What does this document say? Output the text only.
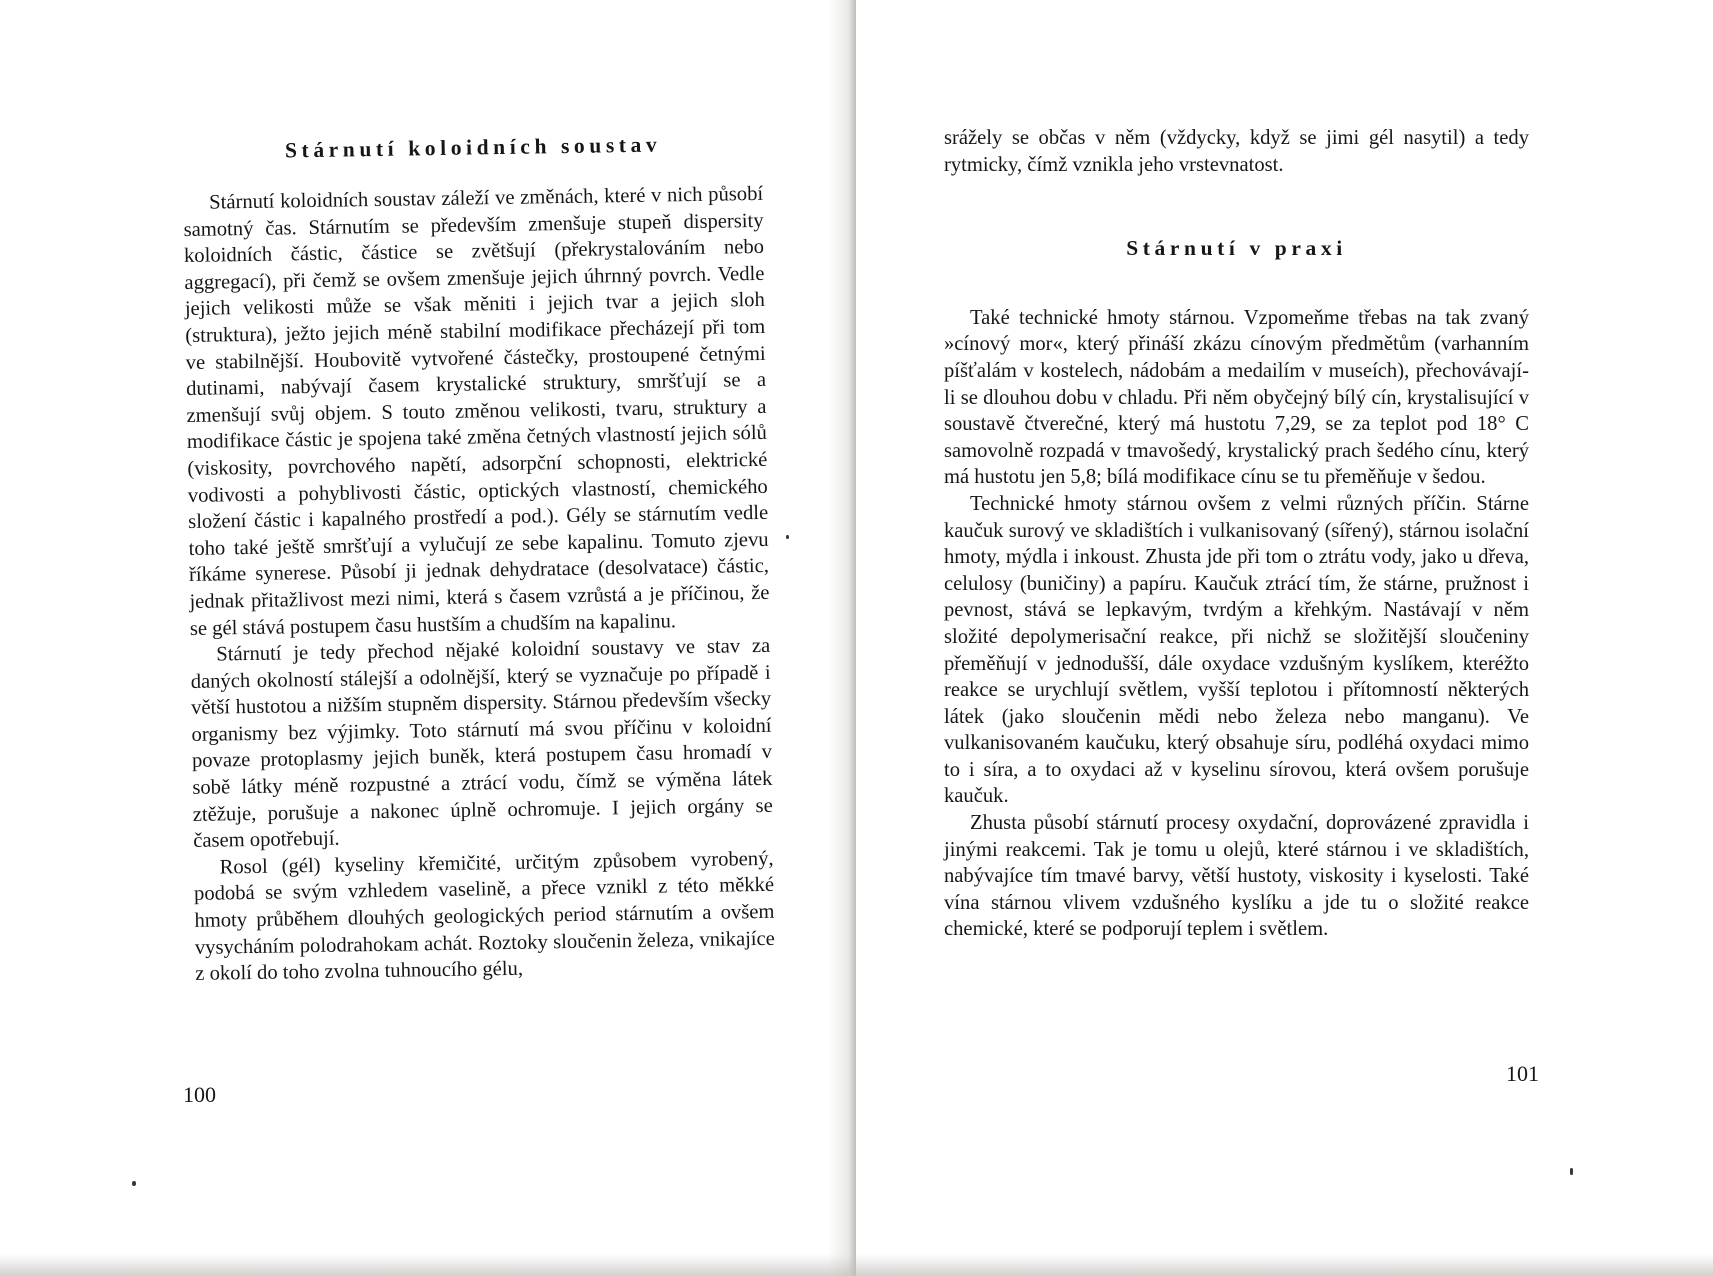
Stárnutí koloidních soustav

Stárnutí koloidních soustav záleží ve změnách, které v nich působí samotný čas. Stárnutím se především zmenšuje stupeň dispersity koloidních částic, částice se zvětšují (překrystalováním nebo aggregací), při čemž se ovšem zmenšuje jejich úhrnný povrch. Vedle jejich velikosti může se však měniti i jejich tvar a jejich sloh (struktura), ježto jejich méně stabilní modifikace přecházejí při tom ve stabilnější. Houbovitě vytvořené částečky, prostoupené četnými dutinami, nabývají časem krystalické struktury, smršťují se a zmenšují svůj objem. S touto změnou velikosti, tvaru, struktury a modifikace částic je spojena také změna četných vlastností jejich sólů (viskosity, povrchového napětí, adsorpční schopnosti, elektrické vodivosti a pohyblivosti částic, optických vlastností, chemického složení částic i kapalného prostředí a pod.). Gély se stárnutím vedle toho také ještě smršťují a vylučují ze sebe kapalinu. Tomuto zjevu říkáme synerese. Působí ji jednak dehydratace (desolvatace) částic, jednak přitažlivost mezi nimi, která s časem vzrůstá a je příčinou, že se gél stává postupem času hustším a chudším na kapalinu.

Stárnutí je tedy přechod nějaké koloidní soustavy ve stav za daných okolností stálejší a odolnější, který se vyznačuje po případě i větší hustotou a nižším stupněm dispersity. Stárnou především všecky organismy bez výjimky. Toto stárnutí má svou příčinu v koloidní povaze protoplasmy jejich buněk, která postupem času hromadí v sobě látky méně rozpustné a ztrácí vodu, čímž se výměna látek ztěžuje, porušuje a nakonec úplně ochromuje. I jejich orgány se časem opotřebují.

Rosol (gél) kyseliny křemičité, určitým způsobem vyrobený, podobá se svým vzhledem vaselině, a přece vznikl z této měkké hmoty průběhem dlouhých geologických period stárnutím a ovšem vysycháním polodrahokam achát. Roztoky sloučenin železa, vnikajíce z okolí do toho zvolna tuhnoucího gélu,

100

srážely se občas v něm (vždycky, když se jimi gél nasytil) a tedy rytmicky, čímž vznikla jeho vrstevnatost.

Stárnutí v praxi

Také technické hmoty stárnou. Vzpomeňme třebas na tak zvaný »cínový mor«, který přináší zkázu cínovým předmětům (varhanním píšťalám v kostelech, nádobám a medailím v museích), přechovávají-li se dlouhou dobu v chladu. Při něm obyčejný bílý cín, krystalisující v soustavě čtverečné, který má hustotu 7,29, se za teplot pod 18° C samovolně rozpadá v tmavošedý, krystalický prach šedého cínu, který má hustotu jen 5,8; bílá modifikace cínu se tu přeměňuje v šedou.

Technické hmoty stárnou ovšem z velmi různých příčin. Stárne kaučuk surový ve skladištích i vulkanisovaný (sířený), stárnou isolační hmoty, mýdla i inkoust. Zhusta jde při tom o ztrátu vody, jako u dřeva, celulosy (buničiny) a papíru. Kaučuk ztrácí tím, že stárne, pružnost i pevnost, stává se lepkavým, tvrdým a křehkým. Nastávají v něm složité depolymerisační reakce, při nichž se složitější sloučeniny přeměňují v jednodušší, dále oxydace vzdušným kyslíkem, kteréžto reakce se urychlují světlem, vyšší teplotou i přítomností některých látek (jako sloučenin mědi nebo železa nebo manganu). Ve vulkanisovaném kaučuku, který obsahuje síru, podléhá oxydaci mimo to i síra, a to oxydaci až v kyselinu sírovou, která ovšem porušuje kaučuk.

Zhusta působí stárnutí procesy oxydační, doprovázené zpravidla i jinými reakcemi. Tak je tomu u olejů, které stárnou i ve skladištích, nabývajíce tím tmavé barvy, větší hustoty, viskosity i kyselosti. Také vína stárnou vlivem vzdušného kyslíku a jde tu o složité reakce chemické, které se podporují teplem i světlem.

101
